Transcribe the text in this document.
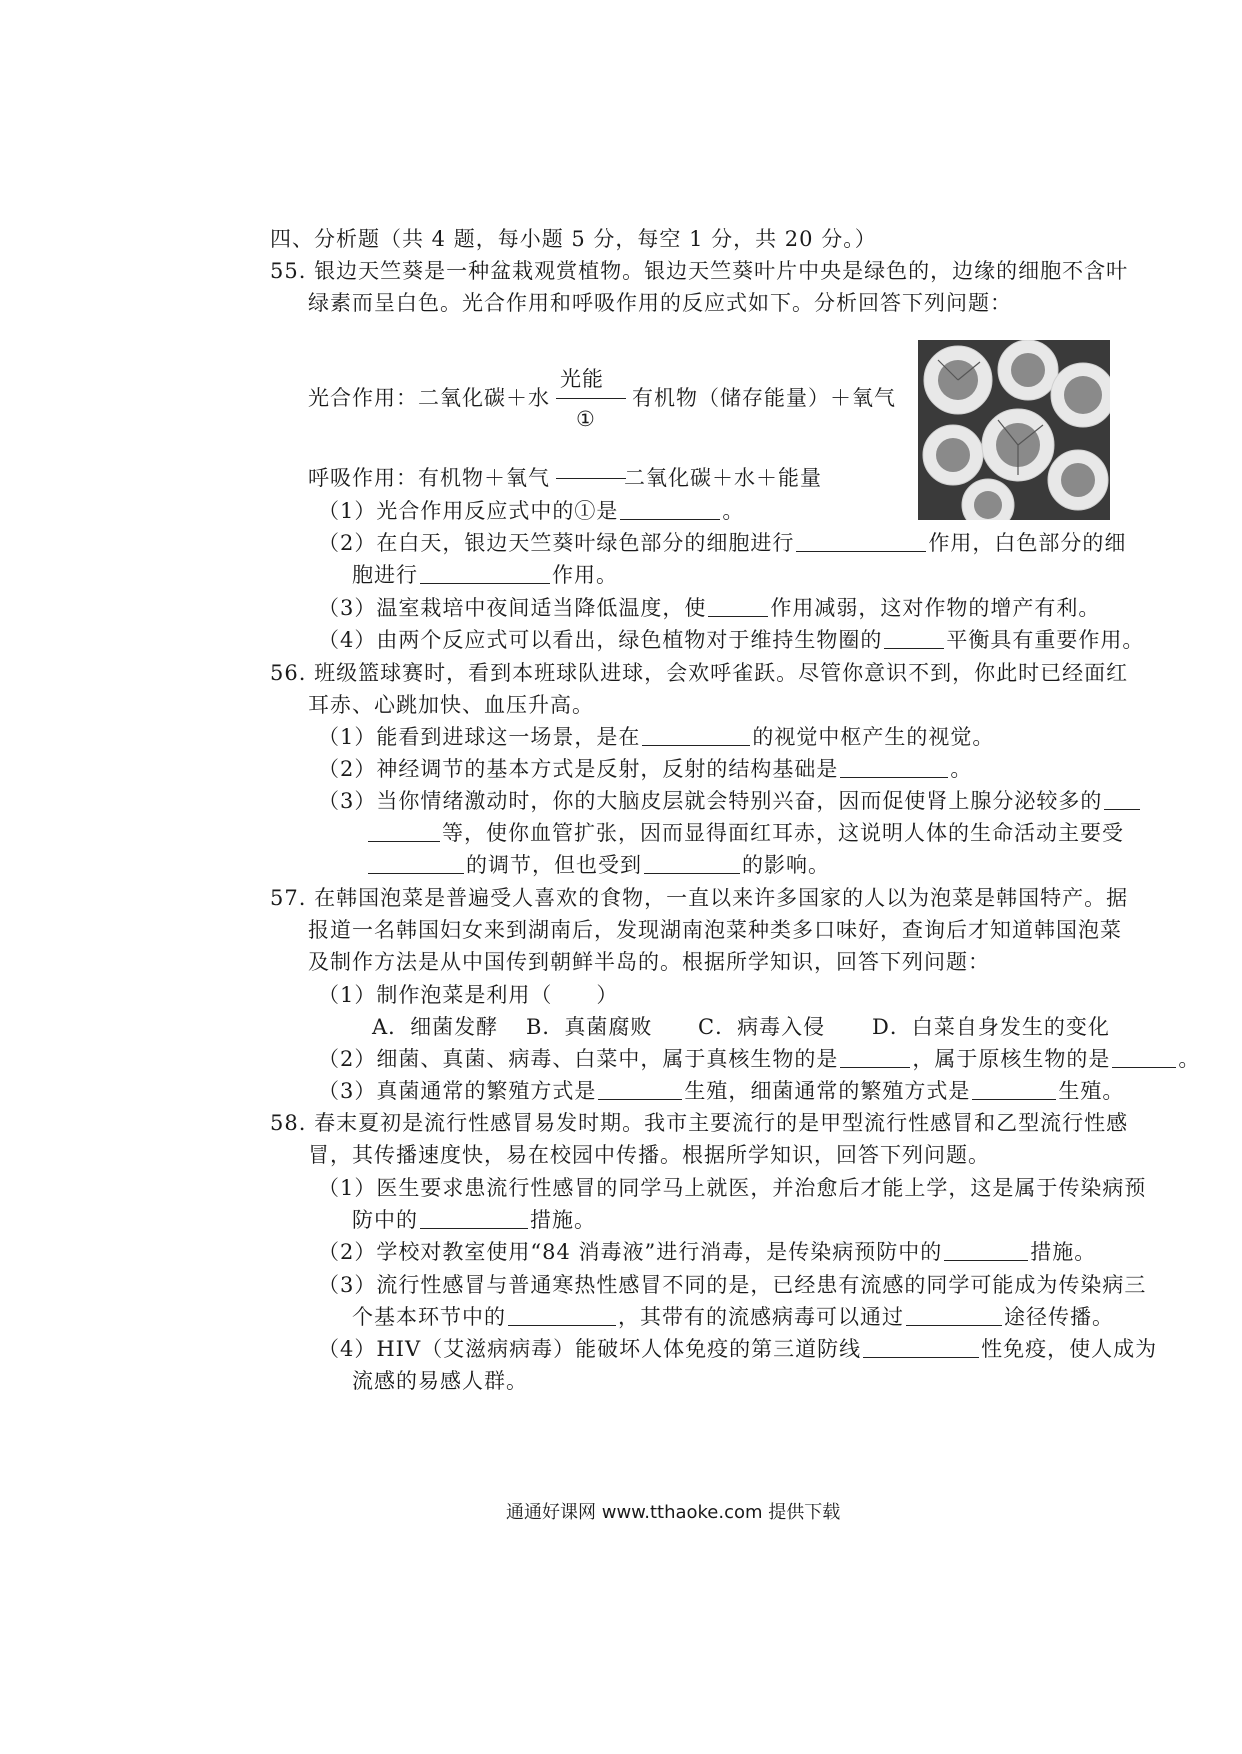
四、分析题（共 4 题，每小题 5 分，每空 1 分，共 20 分。）
55. 银边天竺葵是一种盆栽观赏植物。银边天竺葵叶片中央是绿色的，边缘的细胞不含叶
绿素而呈白色。光合作用和呼吸作用的反应式如下。分析回答下列问题：
光合作用：二氧化碳＋水
光能
①
有机物（储存能量）＋氧气
呼吸作用：有机物＋氧气	二氧化碳＋水＋能量
（1）光合作用反应式中的①是	。
（2）在白天，银边天竺葵叶绿色部分的细胞进行	作用，白色部分的细
胞进行	作用。
（3）温室栽培中夜间适当降低温度，使	作用减弱，这对作物的增产有利。
（4）由两个反应式可以看出，绿色植物对于维持生物圈的	平衡具有重要作用。
56. 班级篮球赛时，看到本班球队进球，会欢呼雀跃。尽管你意识不到，你此时已经面红
耳赤、心跳加快、血压升高。
（1）能看到进球这一场景，是在	的视觉中枢产生的视觉。
（2）神经调节的基本方式是反射，反射的结构基础是	。
（3）当你情绪激动时，你的大脑皮层就会特别兴奋，因而促使肾上腺分泌较多的
等，使你血管扩张，因而显得面红耳赤，这说明人体的生命活动主要受
的调节，但也受到	的影响。
57. 在韩国泡菜是普遍受人喜欢的食物，一直以来许多国家的人以为泡菜是韩国特产。据
报道一名韩国妇女来到湖南后，发现湖南泡菜种类多口味好，查询后才知道韩国泡菜
及制作方法是从中国传到朝鲜半岛的。根据所学知识，回答下列问题：
（1）制作泡菜是利用（　　）
A．细菌发酵 B．真菌腐败 C．病毒入侵 D．白菜自身发生的变化
（2）细菌、真菌、病毒、白菜中，属于真核生物的是	，属于原核生物的是	。
（3）真菌通常的繁殖方式是	生殖，细菌通常的繁殖方式是	生殖。
58. 春末夏初是流行性感冒易发时期。我市主要流行的是甲型流行性感冒和乙型流行性感
冒，其传播速度快，易在校园中传播。根据所学知识，回答下列问题。
（1）医生要求患流行性感冒的同学马上就医，并治愈后才能上学，这是属于传染病预
防中的	措施。
（2）学校对教室使用“84 消毒液”进行消毒，是传染病预防中的	措施。
（3）流行性感冒与普通寒热性感冒不同的是，已经患有流感的同学可能成为传染病三
个基本环节中的	，其带有的流感病毒可以通过	途径传播。
（4）HIV（艾滋病病毒）能破坏人体免疫的第三道防线	性免疫，使人成为
流感的易感人群。
通通好课网 www.tthaoke.com 提供下载
